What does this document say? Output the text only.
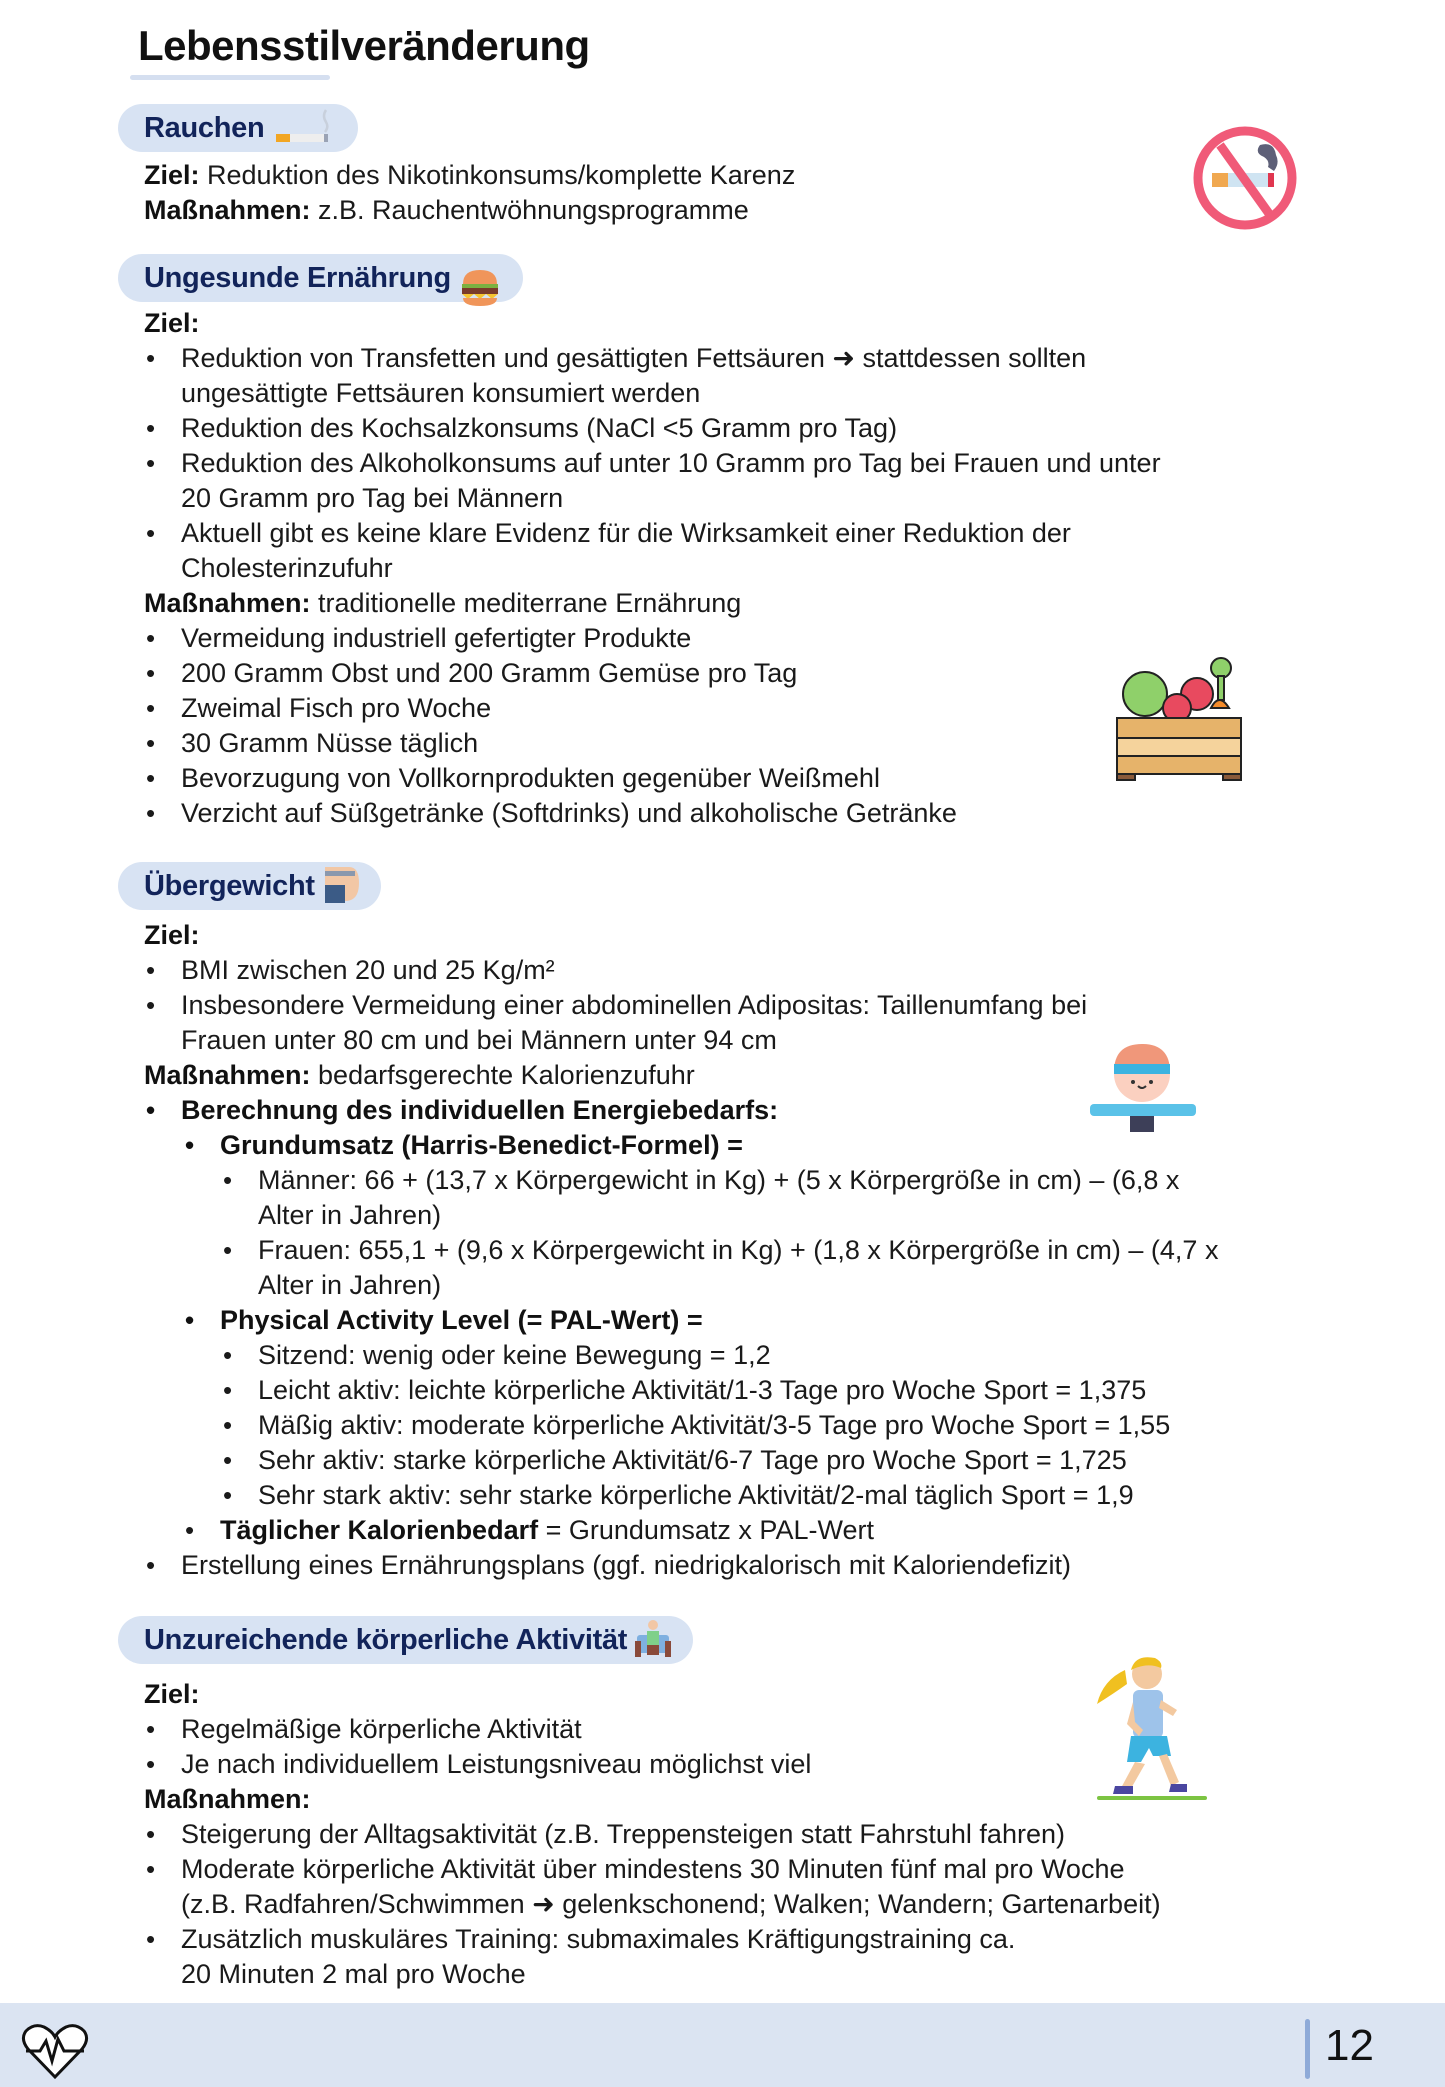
Lebensstilveränderung
Rauchen
Ziel: Reduktion des Nikotinkonsums/komplette Karenz
Maßnahmen: z.B. Rauchentwöhnungsprogramme
Ungesunde Ernährung
Ziel:
• Reduktion von Transfetten und gesättigten Fettsäuren ➜ stattdessen sollten
ungesättigte Fettsäuren konsumiert werden
• Reduktion des Kochsalzkonsums (NaCl <5 Gramm pro Tag)
• Reduktion des Alkoholkonsums auf unter 10 Gramm pro Tag bei Frauen und unter
20 Gramm pro Tag bei Männern
• Aktuell gibt es keine klare Evidenz für die Wirksamkeit einer Reduktion der
Cholesterinzufuhr
Maßnahmen: traditionelle mediterrane Ernährung
• Vermeidung industriell gefertigter Produkte
• 200 Gramm Obst und 200 Gramm Gemüse pro Tag
• Zweimal Fisch pro Woche
• 30 Gramm Nüsse täglich
• Bevorzugung von Vollkornprodukten gegenüber Weißmehl
• Verzicht auf Süßgetränke (Softdrinks) und alkoholische Getränke
Übergewicht
Ziel:
• BMI zwischen 20 und 25 Kg/m²
• Insbesondere Vermeidung einer abdominellen Adipositas: Taillenumfang bei
Frauen unter 80 cm und bei Männern unter 94 cm
Maßnahmen: bedarfsgerechte Kalorienzufuhr
• Berechnung des individuellen Energiebedarfs:
• Grundumsatz (Harris-Benedict-Formel) =
• Männer: 66 + (13,7 x Körpergewicht in Kg) + (5 x Körpergröße in cm) – (6,8 x
Alter in Jahren)
• Frauen: 655,1 + (9,6 x Körpergewicht in Kg) + (1,8 x Körpergröße in cm) – (4,7 x
Alter in Jahren)
• Physical Activity Level (= PAL-Wert) =
• Sitzend: wenig oder keine Bewegung = 1,2
• Leicht aktiv: leichte körperliche Aktivität/1-3 Tage pro Woche Sport = 1,375
• Mäßig aktiv: moderate körperliche Aktivität/3-5 Tage pro Woche Sport = 1,55
• Sehr aktiv: starke körperliche Aktivität/6-7 Tage pro Woche Sport = 1,725
• Sehr stark aktiv: sehr starke körperliche Aktivität/2-mal täglich Sport = 1,9
• Täglicher Kalorienbedarf = Grundumsatz x PAL-Wert
• Erstellung eines Ernährungsplans (ggf. niedrigkalorisch mit Kaloriendefizit)
Unzureichende körperliche Aktivität
Ziel:
• Regelmäßige körperliche Aktivität
• Je nach individuellem Leistungsniveau möglichst viel
Maßnahmen:
• Steigerung der Alltagsaktivität (z.B. Treppensteigen statt Fahrstuhl fahren)
• Moderate körperliche Aktivität über mindestens 30 Minuten fünf mal pro Woche
(z.B. Radfahren/Schwimmen ➜ gelenkschonend; Walken; Wandern; Gartenarbeit)
• Zusätzlich muskuläres Training: submaximales Kräftigungstraining ca.
20 Minuten 2 mal pro Woche
12
